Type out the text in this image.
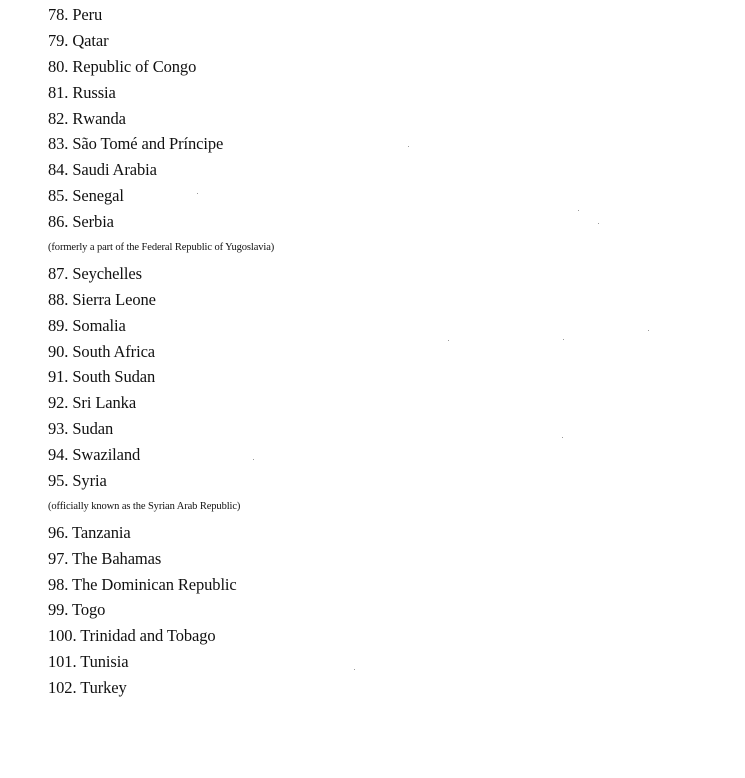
78. Peru
79. Qatar
80. Republic of Congo
81. Russia
82. Rwanda
83. São Tomé and Príncipe
84. Saudi Arabia
85. Senegal
86. Serbia
(formerly a part of the Federal Republic of Yugoslavia)
87. Seychelles
88. Sierra Leone
89. Somalia
90. South Africa
91. South Sudan
92. Sri Lanka
93. Sudan
94. Swaziland
95. Syria
(officially known as the Syrian Arab Republic)
96. Tanzania
97. The Bahamas
98. The Dominican Republic
99. Togo
100. Trinidad and Tobago
101. Tunisia
102. Turkey
